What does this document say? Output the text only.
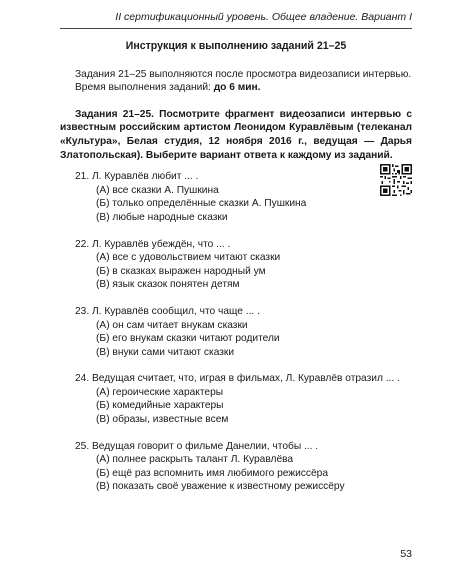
II сертификационный уровень. Общее владение. Вариант I

Инструкция к выполнению заданий 21–25

Задания 21–25 выполняются после просмотра видеозаписи интервью.

Время выполнения заданий: до 6 мин.

Задания 21–25. Посмотрите фрагмент видеозаписи интервью с известным российским артистом Леонидом Куравлёвым (телеканал «Культура», Белая студия, 12 ноября 2016 г., ведущая — Дарья Златопольская). Выберите вариант ответа к каждому из заданий.

21. Л. Куравлёв любит ... .

(А) все сказки А. Пушкина

(Б) только определённые сказки А. Пушкина

(В) любые народные сказки

22. Л. Куравлёв убеждён, что ... .

(А) все с удовольствием читают сказки

(Б) в сказках выражен народный ум

(В) язык сказок понятен детям

23. Л. Куравлёв сообщил, что чаще ... .

(А) он сам читает внукам сказки

(Б) его внукам сказки читают родители

(В) внуки сами читают сказки

24. Ведущая считает, что, играя в фильмах, Л. Куравлёв отразил ... .

(А) героические характеры

(Б) комедийные характеры

(В) образы, известные всем

25. Ведущая говорит о фильме Данелии, чтобы ... .

(А) полнее раскрыть талант Л. Куравлёва

(Б) ещё раз вспомнить имя любимого режиссёра

(В) показать своё уважение к известному режиссёру

53
